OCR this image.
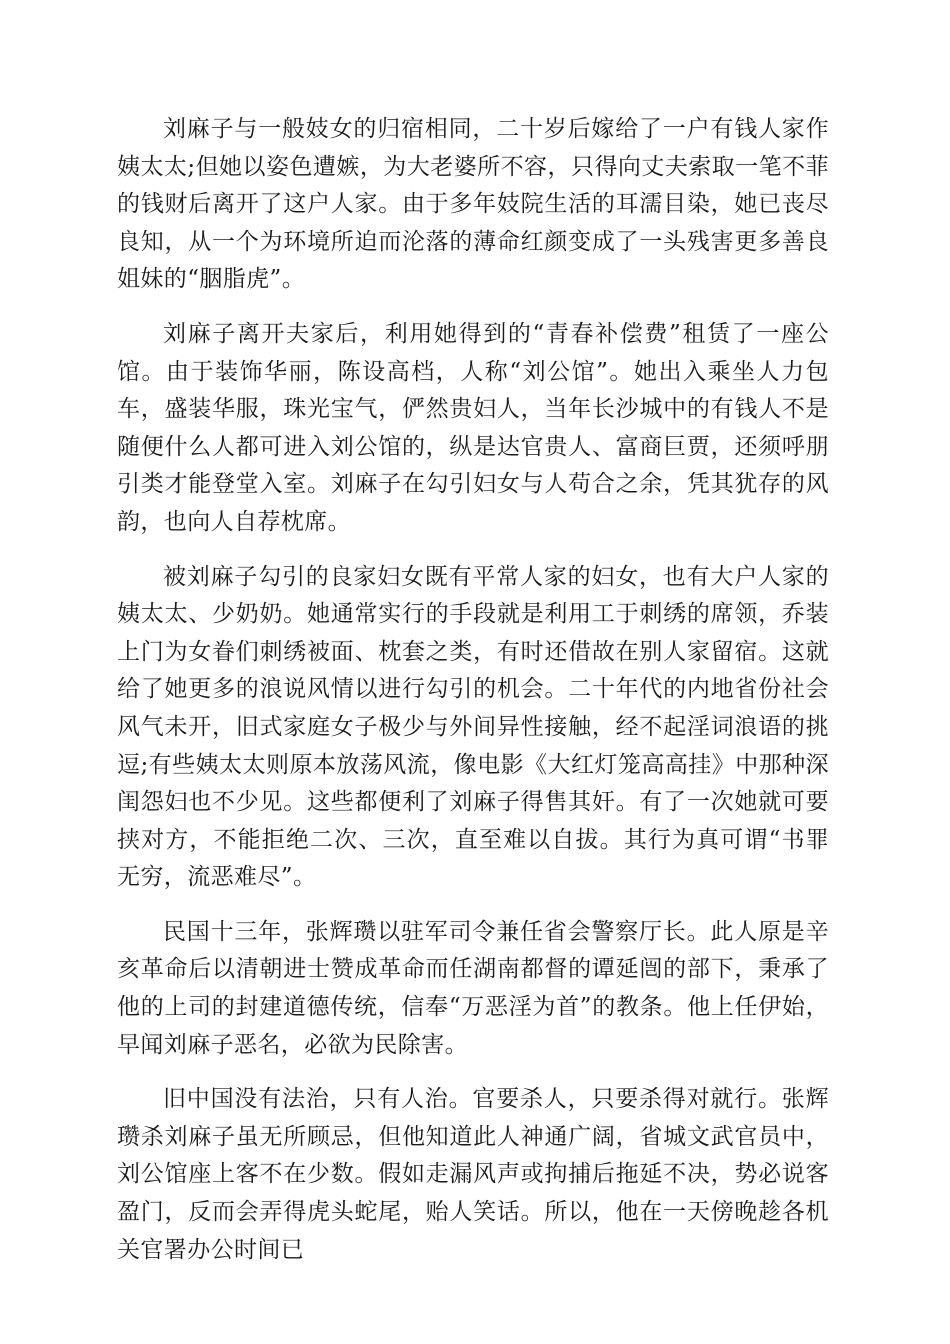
刘麻子与一般妓女的归宿相同，二十岁后嫁给了一户有钱人家作姨太太;但她以姿色遭嫉，为大老婆所不容，只得向丈夫索取一笔不菲的钱财后离开了这户人家。由于多年妓院生活的耳濡目染，她已丧尽良知，从一个为环境所迫而沦落的薄命红颜变成了一头残害更多善良姐妹的“胭脂虎”。

刘麻子离开夫家后，利用她得到的“青春补偿费”租赁了一座公馆。由于装饰华丽，陈设高档，人称“刘公馆”。她出入乘坐人力包车，盛装华服，珠光宝气，俨然贵妇人，当年长沙城中的有钱人不是随便什么人都可进入刘公馆的，纵是达官贵人、富商巨贾，还须呼朋引类才能登堂入室。刘麻子在勾引妇女与人苟合之余，凭其犹存的风韵，也向人自荐枕席。

被刘麻子勾引的良家妇女既有平常人家的妇女，也有大户人家的姨太太、少奶奶。她通常实行的手段就是利用工于刺绣的席领，乔装上门为女眷们刺绣被面、枕套之类，有时还借故在别人家留宿。这就给了她更多的浪说风情以进行勾引的机会。二十年代的内地省份社会风气未开，旧式家庭女子极少与外间异性接触，经不起淫词浪语的挑逗;有些姨太太则原本放荡风流，像电影《大红灯笼高高挂》中那种深闺怨妇也不少见。这些都便利了刘麻子得售其奸。有了一次她就可要挟对方，不能拒绝二次、三次，直至难以自拔。其行为真可谓“书罪无穷，流恶难尽”。

民国十三年，张辉瓒以驻军司令兼任省会警察厅长。此人原是辛亥革命后以清朝进士赞成革命而任湖南都督的谭延闿的部下，秉承了他的上司的封建道德传统，信奉“万恶淫为首”的教条。他上任伊始，早闻刘麻子恶名，必欲为民除害。

旧中国没有法治，只有人治。官要杀人，只要杀得对就行。张辉瓒杀刘麻子虽无所顾忌，但他知道此人神通广阔，省城文武官员中，刘公馆座上客不在少数。假如走漏风声或拘捕后拖延不决，势必说客盈门，反而会弄得虎头蛇尾，贻人笑话。所以，他在一天傍晚趁各机关官署办公时间已
